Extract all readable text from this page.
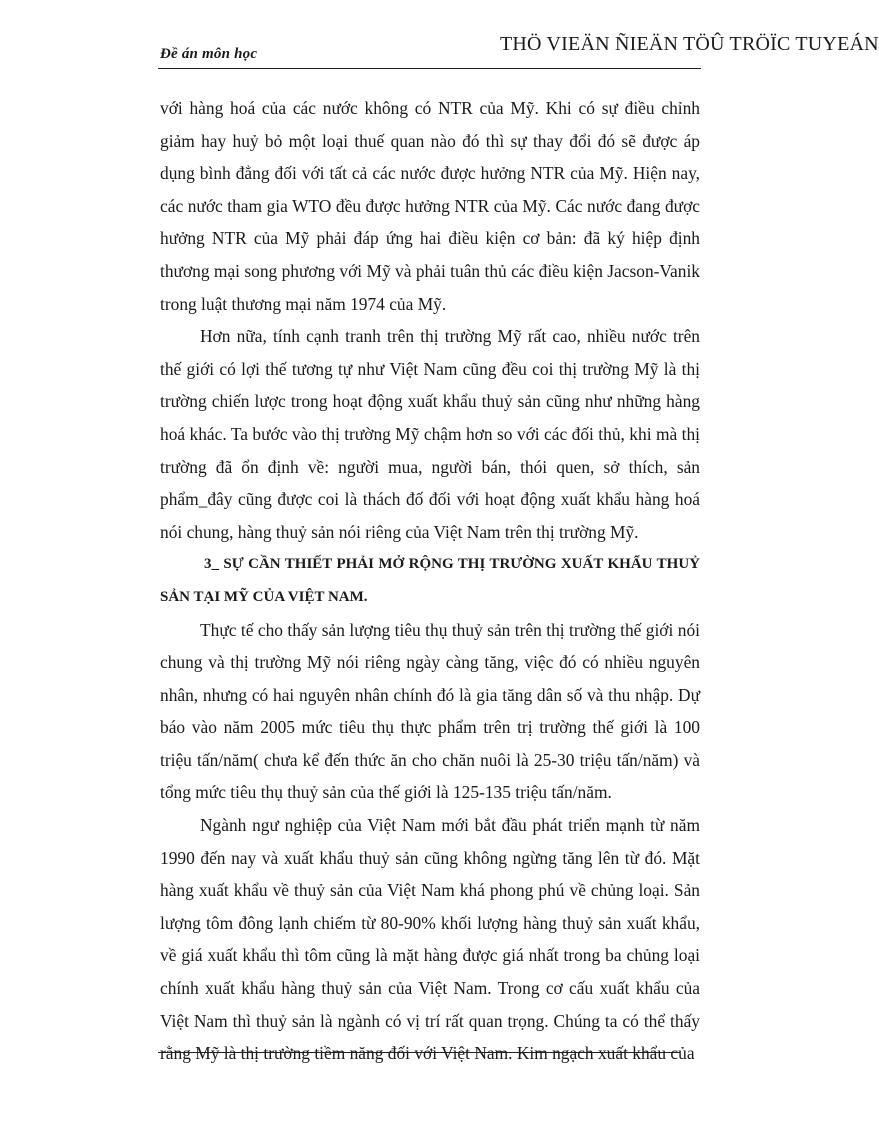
Đề án môn học	THÖ VIEÄN ÑIEÄN TÖÛ TRÖÏC TUYEÁN

với hàng hoá của các nước không có NTR của Mỹ. Khi có sự điều chỉnh giảm hay huỷ bỏ một loại thuế quan nào đó thì sự thay đổi đó sẽ được áp dụng bình đẳng đối với tất cả các nước được hưởng NTR của Mỹ. Hiện nay, các nước tham gia WTO đều được hưởng NTR của Mỹ. Các nước đang được hưởng NTR của Mỹ phải đáp ứng hai điều kiện cơ bản: đã ký hiệp định thương mại song phương với Mỹ và phải tuân thủ các điều kiện Jacson-Vanik trong luật thương mại năm 1974 của Mỹ.

Hơn nữa, tính cạnh tranh trên thị trường Mỹ rất cao, nhiều nước trên thế giới có lợi thế tương tự như Việt Nam cũng đều coi thị trường Mỹ là thị trường chiến lược trong hoạt động xuất khẩu thuỷ sản cũng như những hàng hoá khác. Ta bước vào thị trường Mỹ chậm hơn so với các đối thủ, khi mà thị trường đã ổn định về: người mua, người bán, thói quen, sở thích, sản phẩm_đây cũng được coi là thách đố đối với hoạt động xuất khẩu hàng hoá nói chung, hàng thuỷ sản nói riêng của Việt Nam trên thị trường Mỹ.

3_ SỰ CẦN THIẾT PHẢI MỞ RỘNG THỊ TRƯỜNG XUẤT KHẨU THUỶ SẢN TẠI MỸ CỦA VIỆT NAM.

Thực tế cho thấy sản lượng tiêu thụ thuỷ sản trên thị trường thế giới nói chung và thị trường Mỹ nói riêng ngày càng tăng, việc đó có nhiều nguyên nhân, nhưng có hai nguyên nhân chính đó là gia tăng dân số và thu nhập. Dự báo vào năm 2005 mức tiêu thụ thực phẩm trên trị trường thế giới là 100 triệu tấn/năm( chưa kể đến thức ăn cho chăn nuôi là 25-30 triệu tấn/năm) và tổng mức tiêu thụ thuỷ sản của thế giới là 125-135 triệu tấn/năm.

Ngành ngư nghiệp của Việt Nam mới bắt đầu phát triển mạnh từ năm 1990 đến nay và xuất khẩu thuỷ sản cũng không ngừng tăng lên từ đó. Mặt hàng xuất khẩu về thuỷ sản của Việt Nam khá phong phú về chủng loại. Sản lượng tôm đông lạnh chiếm từ 80-90% khối lượng hàng thuỷ sản xuất khẩu, về giá xuất khẩu thì tôm cũng là mặt hàng được giá nhất trong ba chủng loại chính xuất khẩu hàng thuỷ sản của Việt Nam. Trong cơ cấu xuất khẩu của Việt Nam thì thuỷ sản là ngành có vị trí rất quan trọng. Chúng ta có thể thấy rằng Mỹ là thị trường tiềm năng đối với Việt Nam. Kim ngạch xuất khẩu của
